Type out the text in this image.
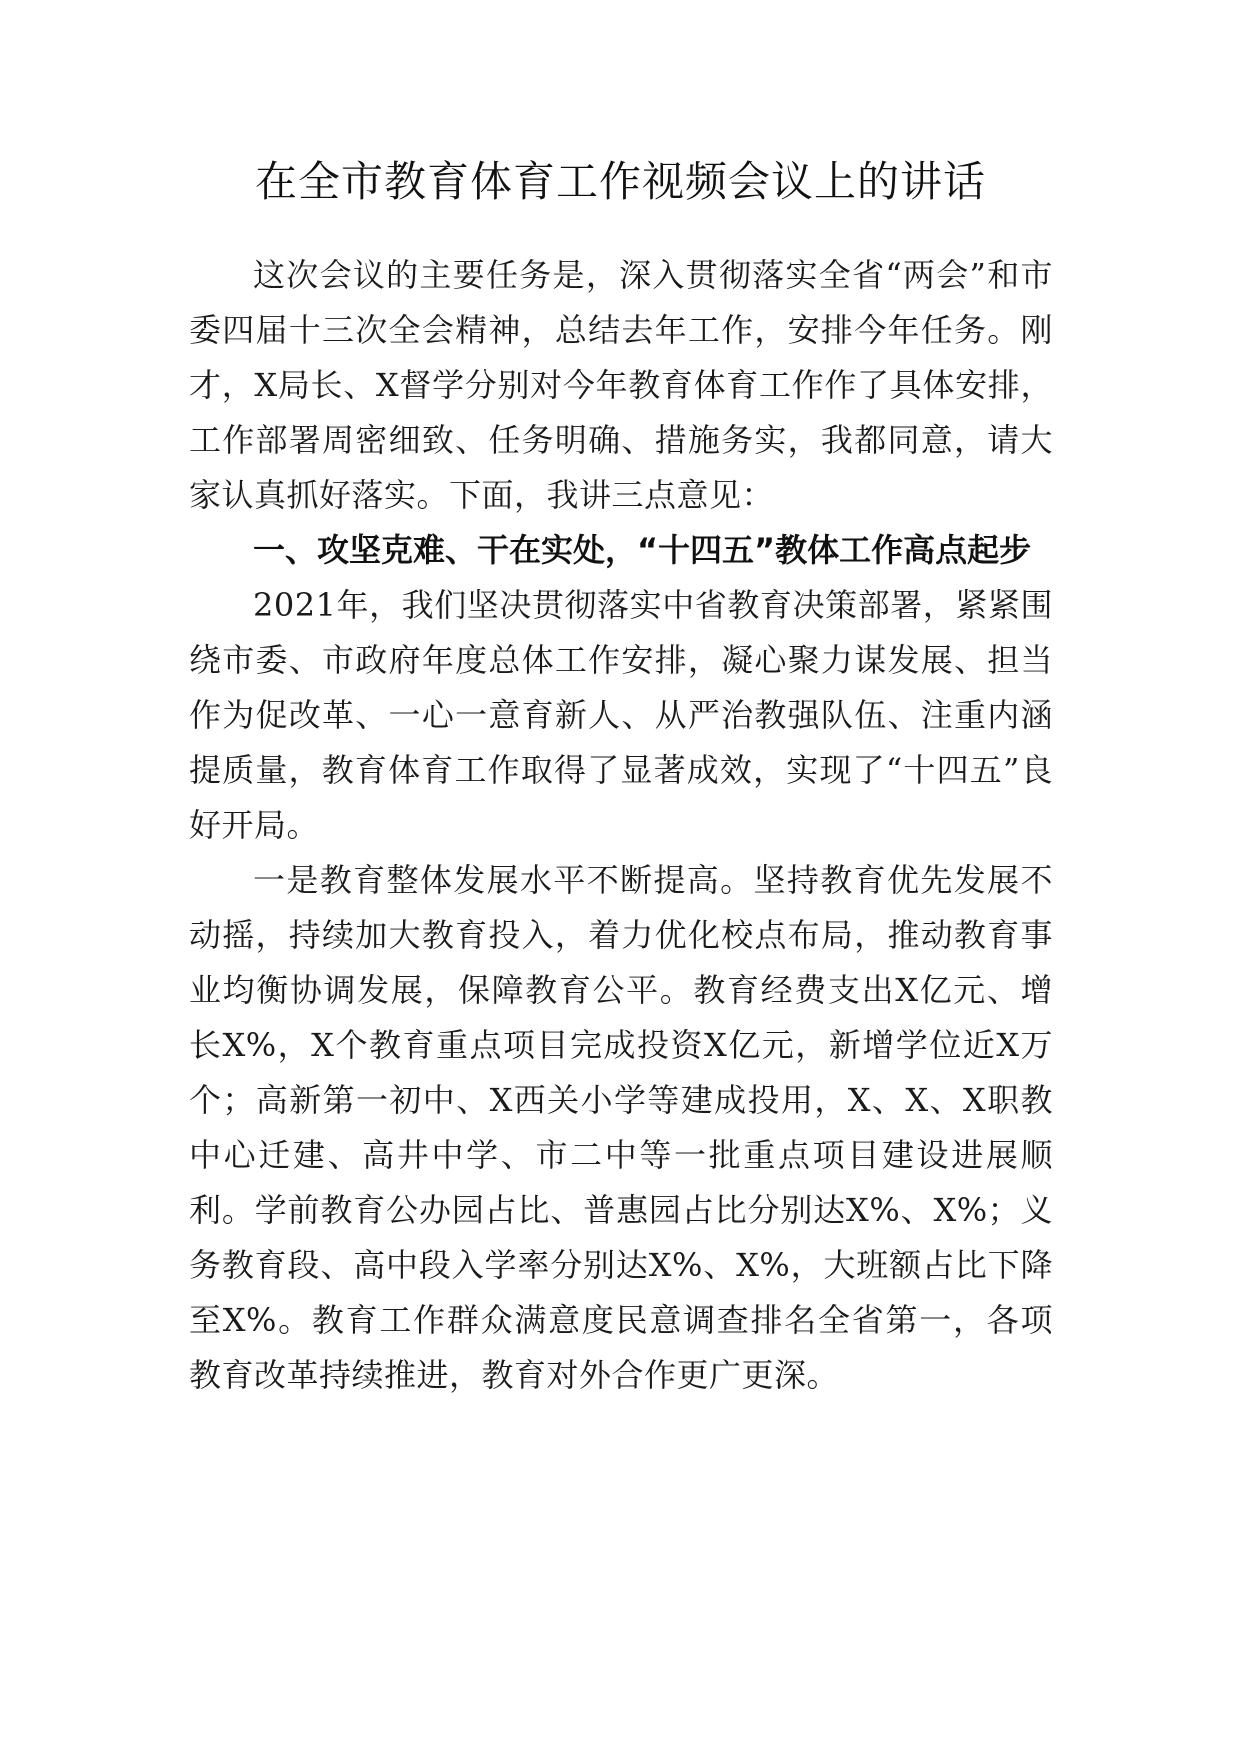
在全市教育体育工作视频会议上的讲话

这次会议的主要任务是，深入贯彻落实全省“两会”和市委四届十三次全会精神，总结去年工作，安排今年任务。刚才，X局长、X督学分别对今年教育体育工作作了具体安排，工作部署周密细致、任务明确、措施务实，我都同意，请大家认真抓好落实。下面，我讲三点意见：

一、攻坚克难、干在实处，“十四五”教体工作高点起步

2021年，我们坚决贯彻落实中省教育决策部署，紧紧围绕市委、市政府年度总体工作安排，凝心聚力谋发展、担当作为促改革、一心一意育新人、从严治教强队伍、注重内涵提质量，教育体育工作取得了显著成效，实现了“十四五”良好开局。

一是教育整体发展水平不断提高。坚持教育优先发展不动摇，持续加大教育投入，着力优化校点布局，推动教育事业均衡协调发展，保障教育公平。教育经费支出X亿元、增长X%，X个教育重点项目完成投资X亿元，新增学位近X万个；高新第一初中、X西关小学等建成投用，X、X、X职教中心迁建、高井中学、市二中等一批重点项目建设进展顺利。学前教育公办园占比、普惠园占比分别达X%、X%；义务教育段、高中段入学率分别达X%、X%，大班额占比下降至X%。教育工作群众满意度民意调查排名全省第一，各项教育改革持续推进，教育对外合作更广更深。
